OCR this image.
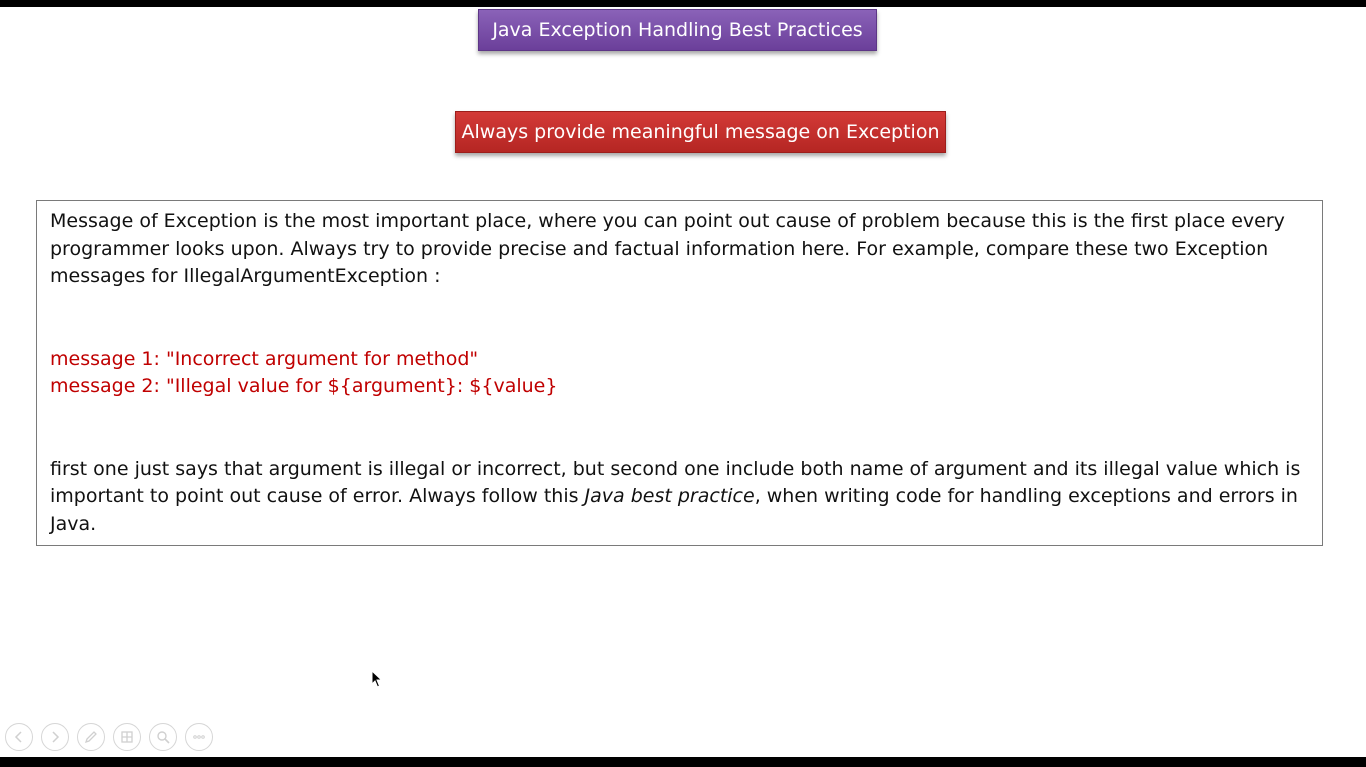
Java Exception Handling Best Practices
Always provide meaningful message on Exception

Message of Exception is the most important place, where you can point out cause of problem because this is the first place every programmer looks upon. Always try to provide precise and factual information here. For example, compare these two Exception messages for IllegalArgumentException :

message 1: "Incorrect argument for method"

message 2: "Illegal value for ${argument}: ${value}

first one just says that argument is illegal or incorrect, but second one include both name of argument and its illegal value which is important to point out cause of error. Always follow this Java best practice, when writing code for handling exceptions and errors in Java.
